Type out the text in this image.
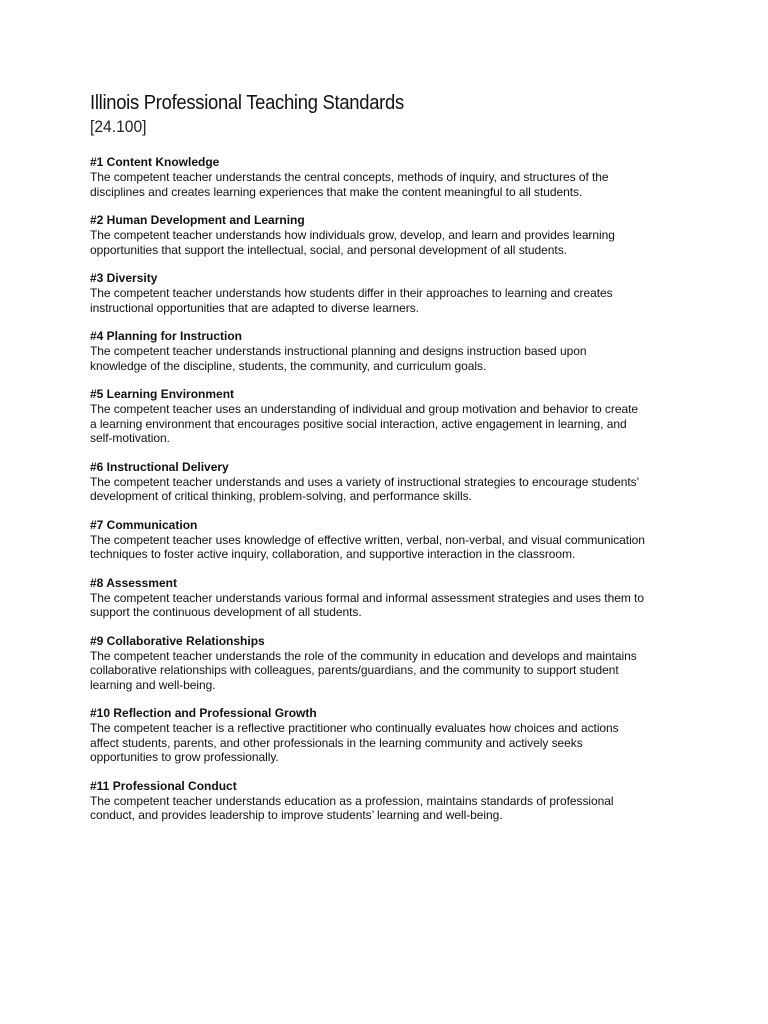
Illinois Professional Teaching Standards

[24.100]

#1 Content Knowledge

The competent teacher understands the central concepts, methods of inquiry, and structures of the
disciplines and creates learning experiences that make the content meaningful to all students.

#2 Human Development and Learning

The competent teacher understands how individuals grow, develop, and learn and provides learning
opportunities that support the intellectual, social, and personal development of all students.

#3 Diversity

The competent teacher understands how students differ in their approaches to learning and creates
instructional opportunities that are adapted to diverse learners.

#4 Planning for Instruction

The competent teacher understands instructional planning and designs instruction based upon
knowledge of the discipline, students, the community, and curriculum goals.

#5 Learning Environment

The competent teacher uses an understanding of individual and group motivation and behavior to create
a learning environment that encourages positive social interaction, active engagement in learning, and
self-motivation.

#6 Instructional Delivery

The competent teacher understands and uses a variety of instructional strategies to encourage students’
development of critical thinking, problem-solving, and performance skills.

#7 Communication

The competent teacher uses knowledge of effective written, verbal, non-verbal, and visual communication
techniques to foster active inquiry, collaboration, and supportive interaction in the classroom.

#8 Assessment

The competent teacher understands various formal and informal assessment strategies and uses them to
support the continuous development of all students.

#9 Collaborative Relationships

The competent teacher understands the role of the community in education and develops and maintains
collaborative relationships with colleagues, parents/guardians, and the community to support student
learning and well-being.

#10 Reflection and Professional Growth

The competent teacher is a reflective practitioner who continually evaluates how choices and actions
affect students, parents, and other professionals in the learning community and actively seeks
opportunities to grow professionally.

#11 Professional Conduct

The competent teacher understands education as a profession, maintains standards of professional
conduct, and provides leadership to improve students’ learning and well-being.
